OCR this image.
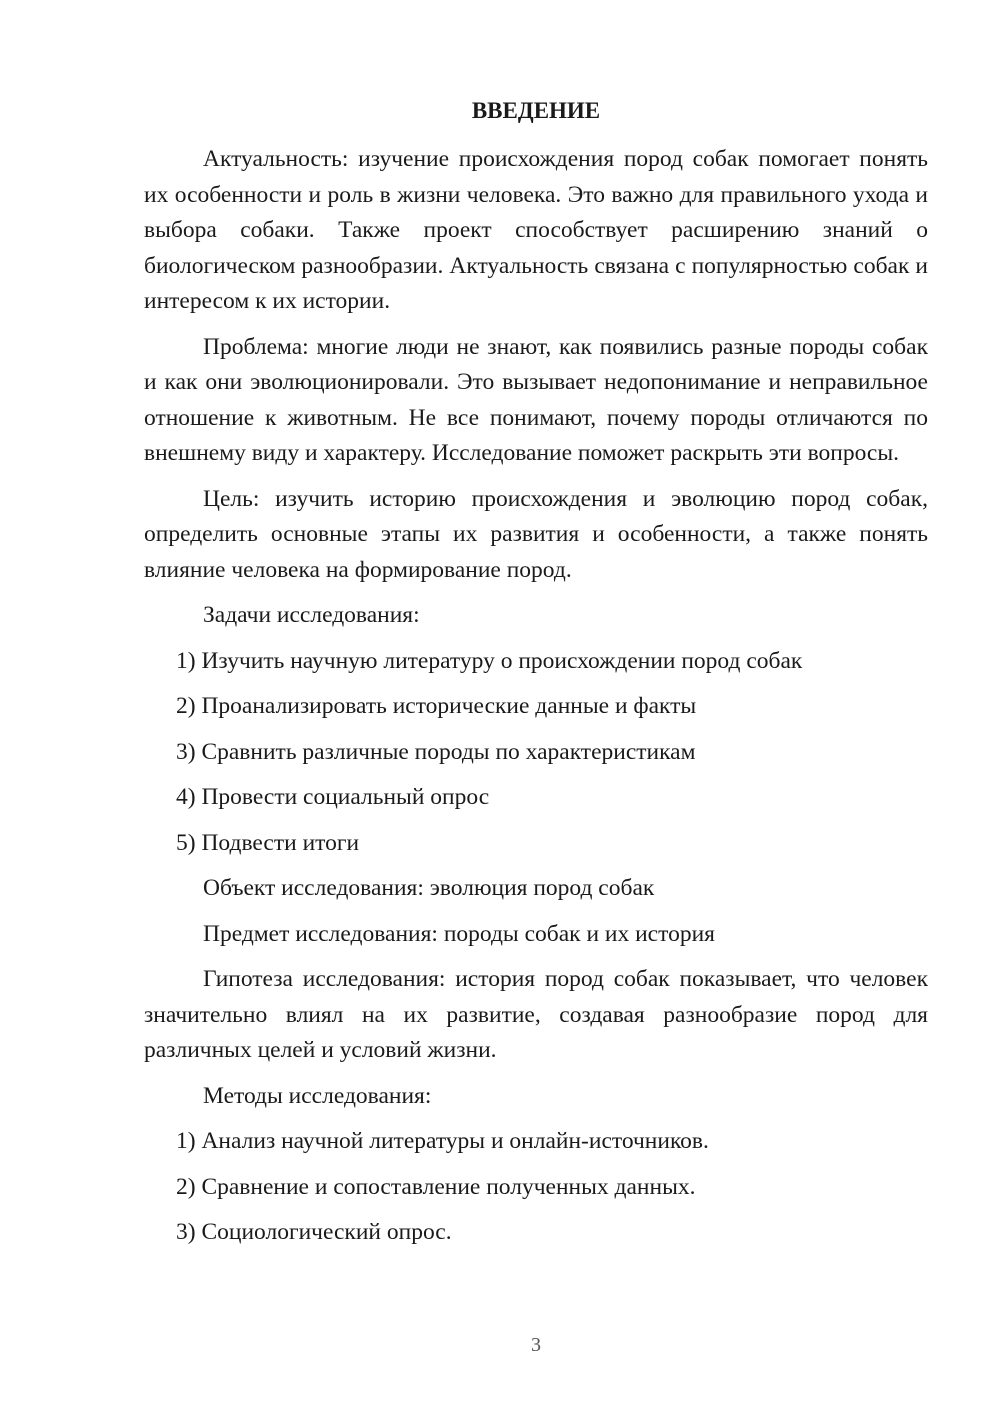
ВВЕДЕНИЕ

Актуальность: изучение происхождения пород собак помогает понять их особенности и роль в жизни человека. Это важно для правильного ухода и выбора собаки. Также проект способствует расширению знаний о биологическом разнообразии. Актуальность связана с популярностью собак и интересом к их истории.

Проблема: многие люди не знают, как появились разные породы собак и как они эволюционировали. Это вызывает недопонимание и неправильное отношение к животным. Не все понимают, почему породы отличаются по внешнему виду и характеру. Исследование поможет раскрыть эти вопросы.

Цель: изучить историю происхождения и эволюцию пород собак, определить основные этапы их развития и особенности, а также понять влияние человека на формирование пород.

Задачи исследования:

1) Изучить научную литературу о происхождении пород собак

2) Проанализировать исторические данные и факты

3) Сравнить различные породы по характеристикам

4) Провести социальный опрос

5) Подвести итоги

Объект исследования: эволюция пород собак

Предмет исследования: породы собак и их история

Гипотеза исследования: история пород собак показывает, что человек значительно влиял на их развитие, создавая разнообразие пород для различных целей и условий жизни.

Методы исследования:

1) Анализ научной литературы и онлайн-источников.

2) Сравнение и сопоставление полученных данных.

3) Социологический опрос.

3
